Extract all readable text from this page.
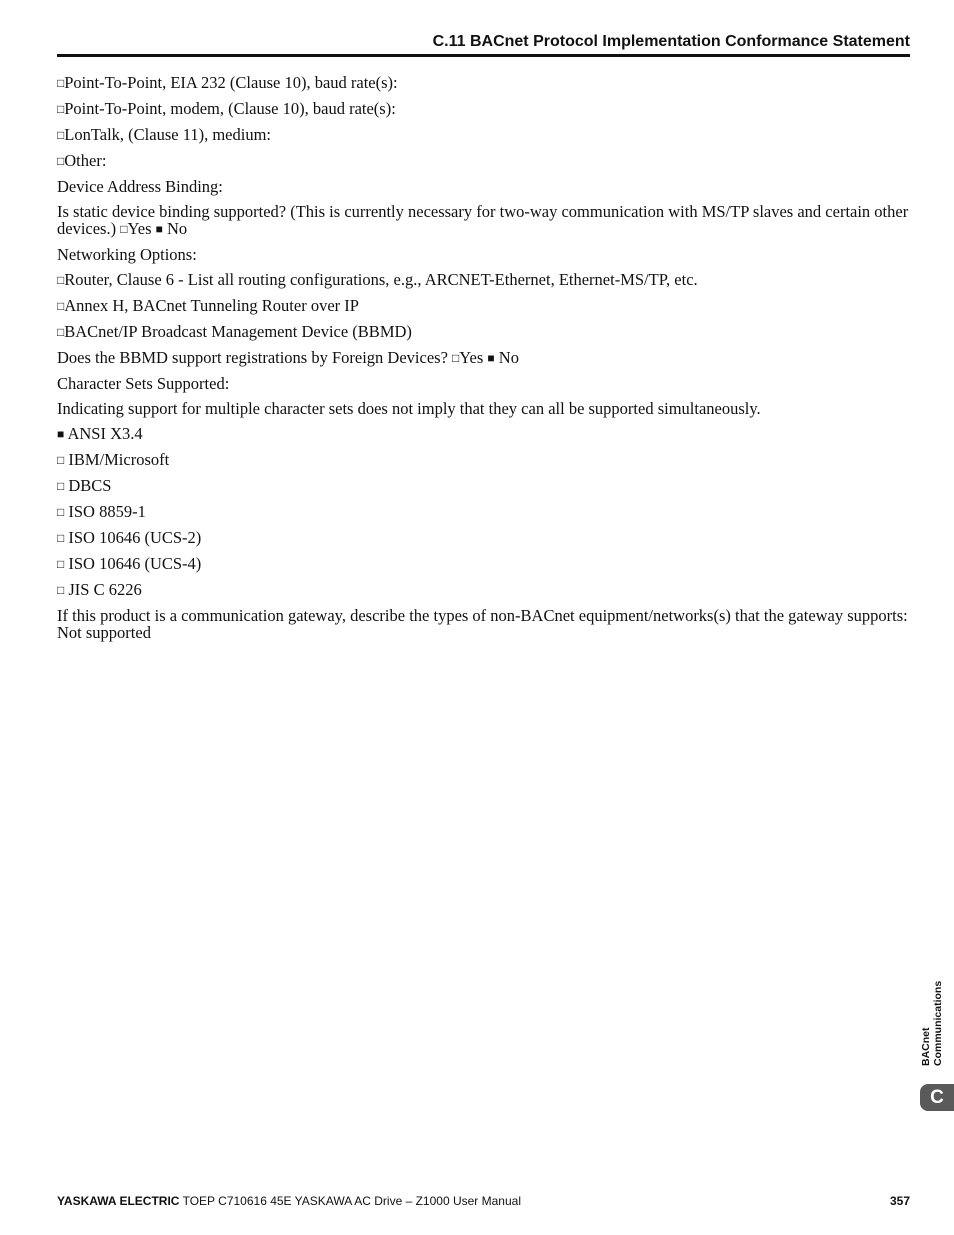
C.11 BACnet Protocol Implementation Conformance Statement

□Point-To-Point, EIA 232 (Clause 10), baud rate(s):

□Point-To-Point, modem, (Clause 10), baud rate(s):

□LonTalk, (Clause 11), medium:

□Other:

Device Address Binding:

Is static device binding supported? (This is currently necessary for two-way communication with MS/TP slaves and certain other devices.) □Yes ■ No

Networking Options:

□Router, Clause 6 - List all routing configurations, e.g., ARCNET-Ethernet, Ethernet-MS/TP, etc.

□Annex H, BACnet Tunneling Router over IP

□BACnet/IP Broadcast Management Device (BBMD)

Does the BBMD support registrations by Foreign Devices? □Yes ■ No

Character Sets Supported:

Indicating support for multiple character sets does not imply that they can all be supported simultaneously.

■ ANSI X3.4

□ IBM/Microsoft

□ DBCS

□ ISO 8859-1

□ ISO 10646 (UCS-2)

□ ISO 10646 (UCS-4)

□ JIS C 6226

If this product is a communication gateway, describe the types of non-BACnet equipment/networks(s) that the gateway supports: Not supported

BACnet Communications
C
YASKAWA ELECTRIC TOEP C710616 45E YASKAWA AC Drive – Z1000 User Manual	357
